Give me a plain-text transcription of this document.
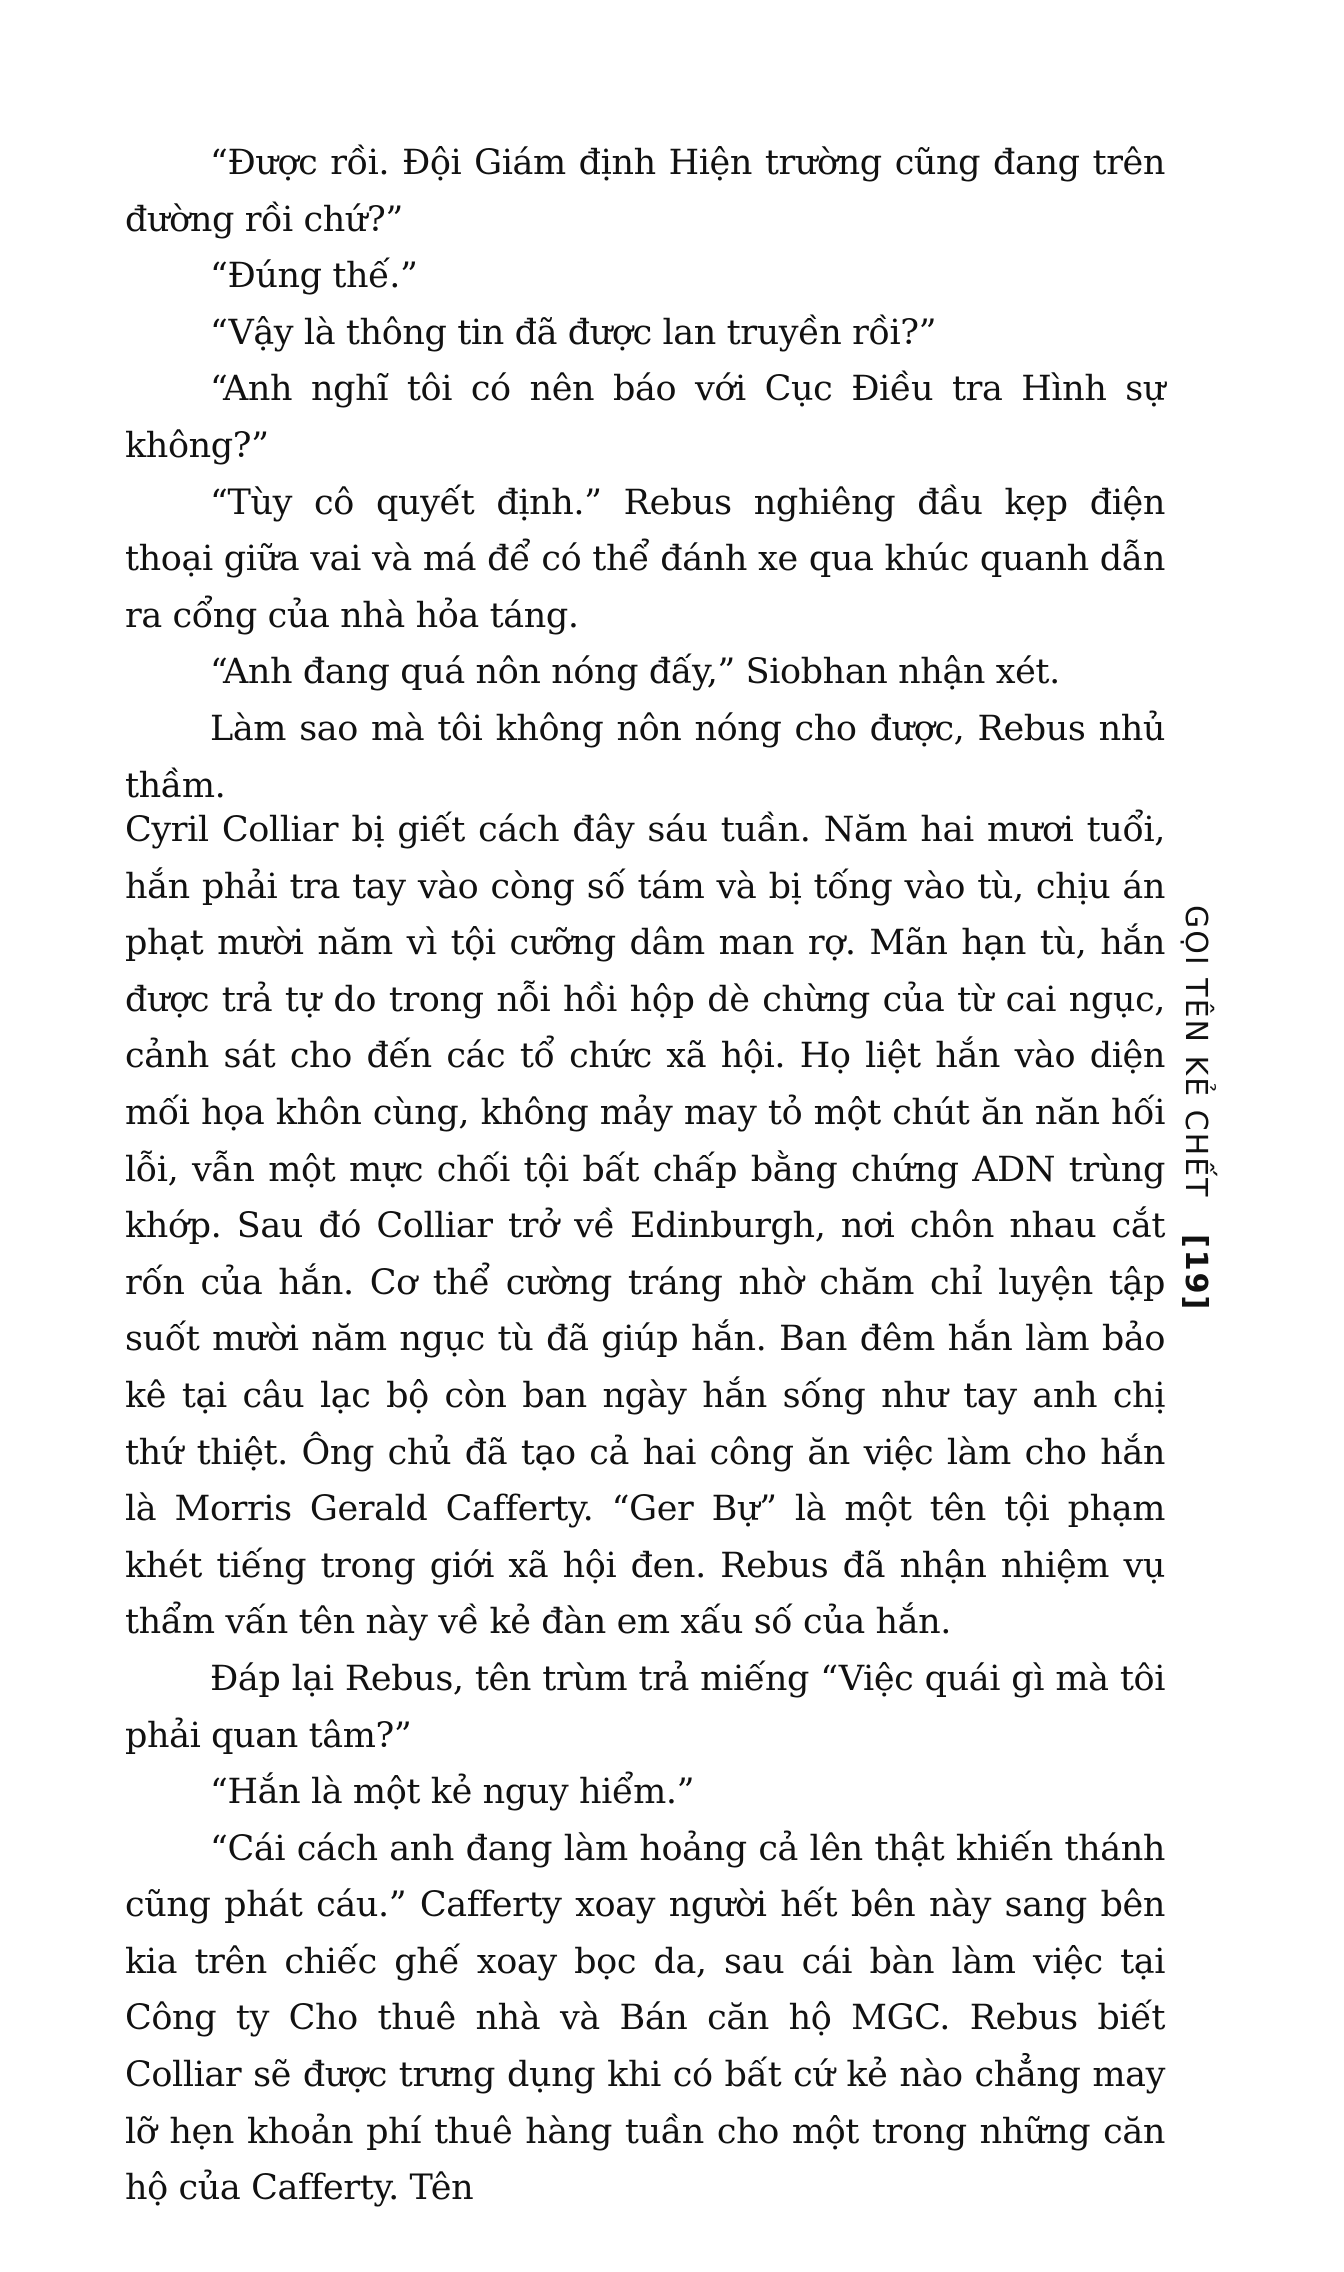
“Được rồi. Đội Giám định Hiện trường cũng đang trên đường rồi chứ?”

“Đúng thế.”

“Vậy là thông tin đã được lan truyền rồi?”

“Anh nghĩ tôi có nên báo với Cục Điều tra Hình sự không?”

“Tùy cô quyết định.” Rebus nghiêng đầu kẹp điện thoại giữa vai và má để có thể đánh xe qua khúc quanh dẫn ra cổng của nhà hỏa táng.

“Anh đang quá nôn nóng đấy,” Siobhan nhận xét.

Làm sao mà tôi không nôn nóng cho được, Rebus nhủ thầm.

Cyril Colliar bị giết cách đây sáu tuần. Năm hai mươi tuổi, hắn phải tra tay vào còng số tám và bị tống vào tù, chịu án phạt mười năm vì tội cưỡng dâm man rợ. Mãn hạn tù, hắn được trả tự do trong nỗi hồi hộp dè chừng của từ cai ngục, cảnh sát cho đến các tổ chức xã hội. Họ liệt hắn vào diện mối họa khôn cùng, không mảy may tỏ một chút ăn năn hối lỗi, vẫn một mực chối tội bất chấp bằng chứng ADN trùng khớp. Sau đó Colliar trở về Edinburgh, nơi chôn nhau cắt rốn của hắn. Cơ thể cường tráng nhờ chăm chỉ luyện tập suốt mười năm ngục tù đã giúp hắn. Ban đêm hắn làm bảo kê tại câu lạc bộ còn ban ngày hắn sống như tay anh chị thứ thiệt. Ông chủ đã tạo cả hai công ăn việc làm cho hắn là Morris Gerald Cafferty. “Ger Bự” là một tên tội phạm khét tiếng trong giới xã hội đen. Rebus đã nhận nhiệm vụ thẩm vấn tên này về kẻ đàn em xấu số của hắn.

Đáp lại Rebus, tên trùm trả miếng “Việc quái gì mà tôi phải quan tâm?”

“Hắn là một kẻ nguy hiểm.”

“Cái cách anh đang làm hoảng cả lên thật khiến thánh cũng phát cáu.” Cafferty xoay người hết bên này sang bên kia trên chiếc ghế xoay bọc da, sau cái bàn làm việc tại Công ty Cho thuê nhà và Bán căn hộ MGC. Rebus biết Colliar sẽ được trưng dụng khi có bất cứ kẻ nào chẳng may lỡ hẹn khoản phí thuê hàng tuần cho một trong những căn hộ của Cafferty. Tên

GỌI TÊN KẺ CHẾT [19]
